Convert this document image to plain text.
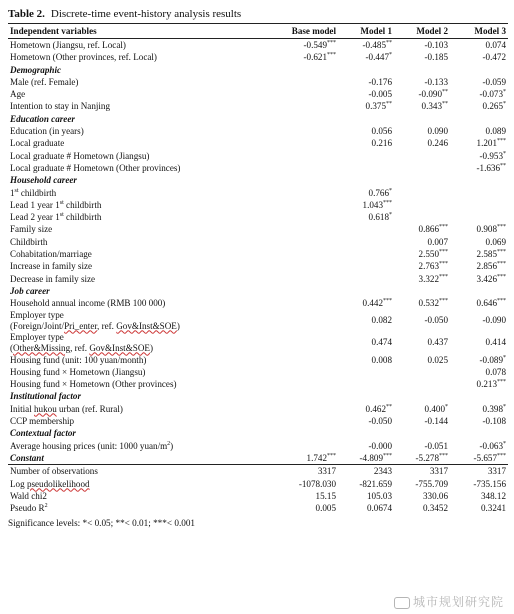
Table 2. Discrete-time event-history analysis results
Independent variables	Base model	Model 1	Model 2	Model 3
Hometown (Jiangsu, ref. Local)	-0.549***	-0.485**	-0.103	0.074
Hometown (Other provinces, ref. Local)	-0.621***	-0.447*	-0.185	-0.472
Demographic				
Male (ref. Female)		-0.176	-0.133	-0.059
Age		-0.005	-0.090**	-0.073*
Intention to stay in Nanjing		0.375**	0.343**	0.265*
Education career				
Education (in years)		0.056	0.090	0.089
Local graduate		0.216	0.246	1.201***
Local graduate # Hometown (Jiangsu)				-0.953*
Local graduate # Hometown (Other provinces)				-1.636**
Household career				
1st childbirth		0.766*		
Lead 1 year 1st childbirth		1.043***		
Lead 2 year 1st childbirth		0.618*		
Family size			0.866***	0.908***
Childbirth			0.007	0.069
Cohabitation/marriage			2.550***	2.585***
Increase in family size			2.763***	2.856***
Decrease in family size			3.322***	3.426***
Job career				
Household annual income (RMB 100 000)		0.442***	0.532***	0.646***

Employer type
(Foreign/Joint/Pri_enter, ref. Gov&Inst&SOE)		0.082	-0.050	-0.090

Employer type
(Other&Missing, ref. Gov&Inst&SOE)		0.474	0.437	0.414
Housing fund (unit: 100 yuan/month)		0.008	0.025	-0.089*
Housing fund × Hometown (Jiangsu)				0.078
Housing fund × Hometown (Other provinces)				0.213***
Institutional factor				
Initial hukou urban (ref. Rural)		0.462**	0.400*	0.398*
CCP membership		-0.050	-0.144	-0.108
Contextual factor				
Average housing prices (unit: 1000 yuan/$m^2$)		-0.000	-0.051	-0.063*
Constant	1.742***	-4.809***	-5.278***	-5.657***
Number of observations	3317	2343	3317	3317
Log pseudolikelihood	-1078.030	-821.659	-755.709	-735.156
Wald chi2	15.15	105.03	330.06	348.12
Pseudo $R^2$	0.005	0.0674	0.3452	0.3241
Significance levels: *< 0.05; **< 0.01; ***< 0.001
城市规划研究院
